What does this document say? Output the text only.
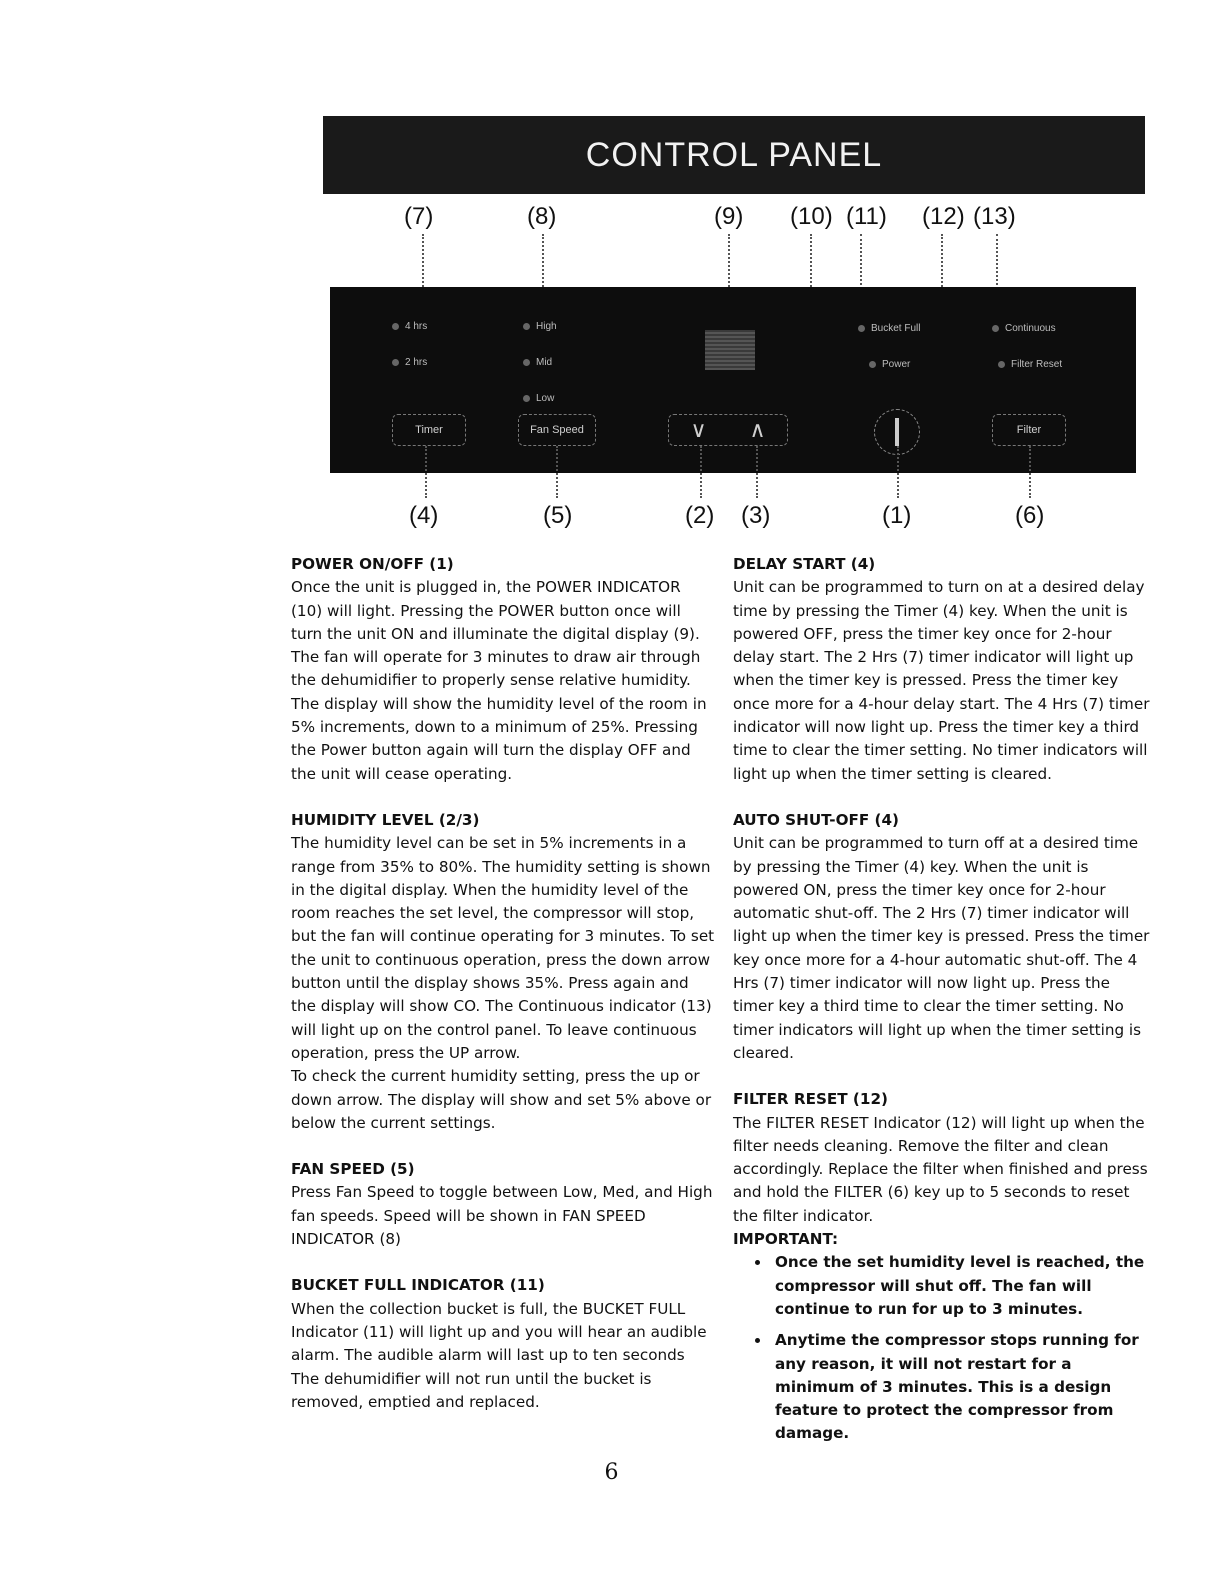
CONTROL PANEL
(7)	(8)	(9) (10) (11) (12) (13)
4 hrs
2 hrs
High
Mid
Low
Bucket Full
Power
Continuous
Filter Reset
Timer	Fan Speed	∨ ∧	Filter
(4)	(5)	(2) (3)	(1)	(6)
POWER ON/OFF (1)

Once the unit is plugged in, the POWER INDICATOR (10) will light. Pressing the POWER button once will turn the unit ON and illuminate the digital display (9). The fan will operate for 3 minutes to draw air through the dehumidifier to properly sense relative humidity. The display will show the humidity level of the room in 5% increments, down to a minimum of 25%. Pressing the Power button again will turn the display OFF and the unit will cease operating.

HUMIDITY LEVEL (2/3)

The humidity level can be set in 5% increments in a range from 35% to 80%. The humidity setting is shown in the digital display. When the humidity level of the room reaches the set level, the compressor will stop, but the fan will continue operating for 3 minutes. To set the unit to continuous operation, press the down arrow button until the display shows 35%. Press again and the display will show CO. The Continuous indicator (13) will light up on the control panel. To leave continuous operation, press the UP arrow.

To check the current humidity setting, press the up or down arrow. The display will show and set 5% above or below the current settings.

FAN SPEED (5)

Press Fan Speed to toggle between Low, Med, and High fan speeds. Speed will be shown in FAN SPEED INDICATOR (8)

BUCKET FULL INDICATOR (11)

When the collection bucket is full, the BUCKET FULL Indicator (11) will light up and you will hear an audible alarm. The audible alarm will last up to ten seconds The dehumidifier will not run until the bucket is removed, emptied and replaced.

DELAY START (4)

Unit can be programmed to turn on at a desired delay time by pressing the Timer (4) key. When the unit is powered OFF, press the timer key once for 2-hour delay start. The 2 Hrs (7) timer indicator will light up when the timer key is pressed. Press the timer key once more for a 4-hour delay start. The 4 Hrs (7) timer indicator will now light up. Press the timer key a third time to clear the timer setting. No timer indicators will light up when the timer setting is cleared.

AUTO SHUT-OFF (4)

Unit can be programmed to turn off at a desired time by pressing the Timer (4) key. When the unit is powered ON, press the timer key once for 2-hour automatic shut-off. The 2 Hrs (7) timer indicator will light up when the timer key is pressed. Press the timer key once more for a 4-hour automatic shut-off. The 4 Hrs (7) timer indicator will now light up. Press the timer key a third time to clear the timer setting. No timer indicators will light up when the timer setting is cleared.

FILTER RESET (12)

The FILTER RESET Indicator (12) will light up when the filter needs cleaning. Remove the filter and clean accordingly. Replace the filter when finished and press and hold the FILTER (6) key up to 5 seconds to reset the filter indicator.

IMPORTANT:
• Once the set humidity level is reached, the compressor will shut off. The fan will continue to run for up to 3 minutes.
• Anytime the compressor stops running for any reason, it will not restart for a minimum of 3 minutes. This is a design feature to protect the compressor from damage.
6
